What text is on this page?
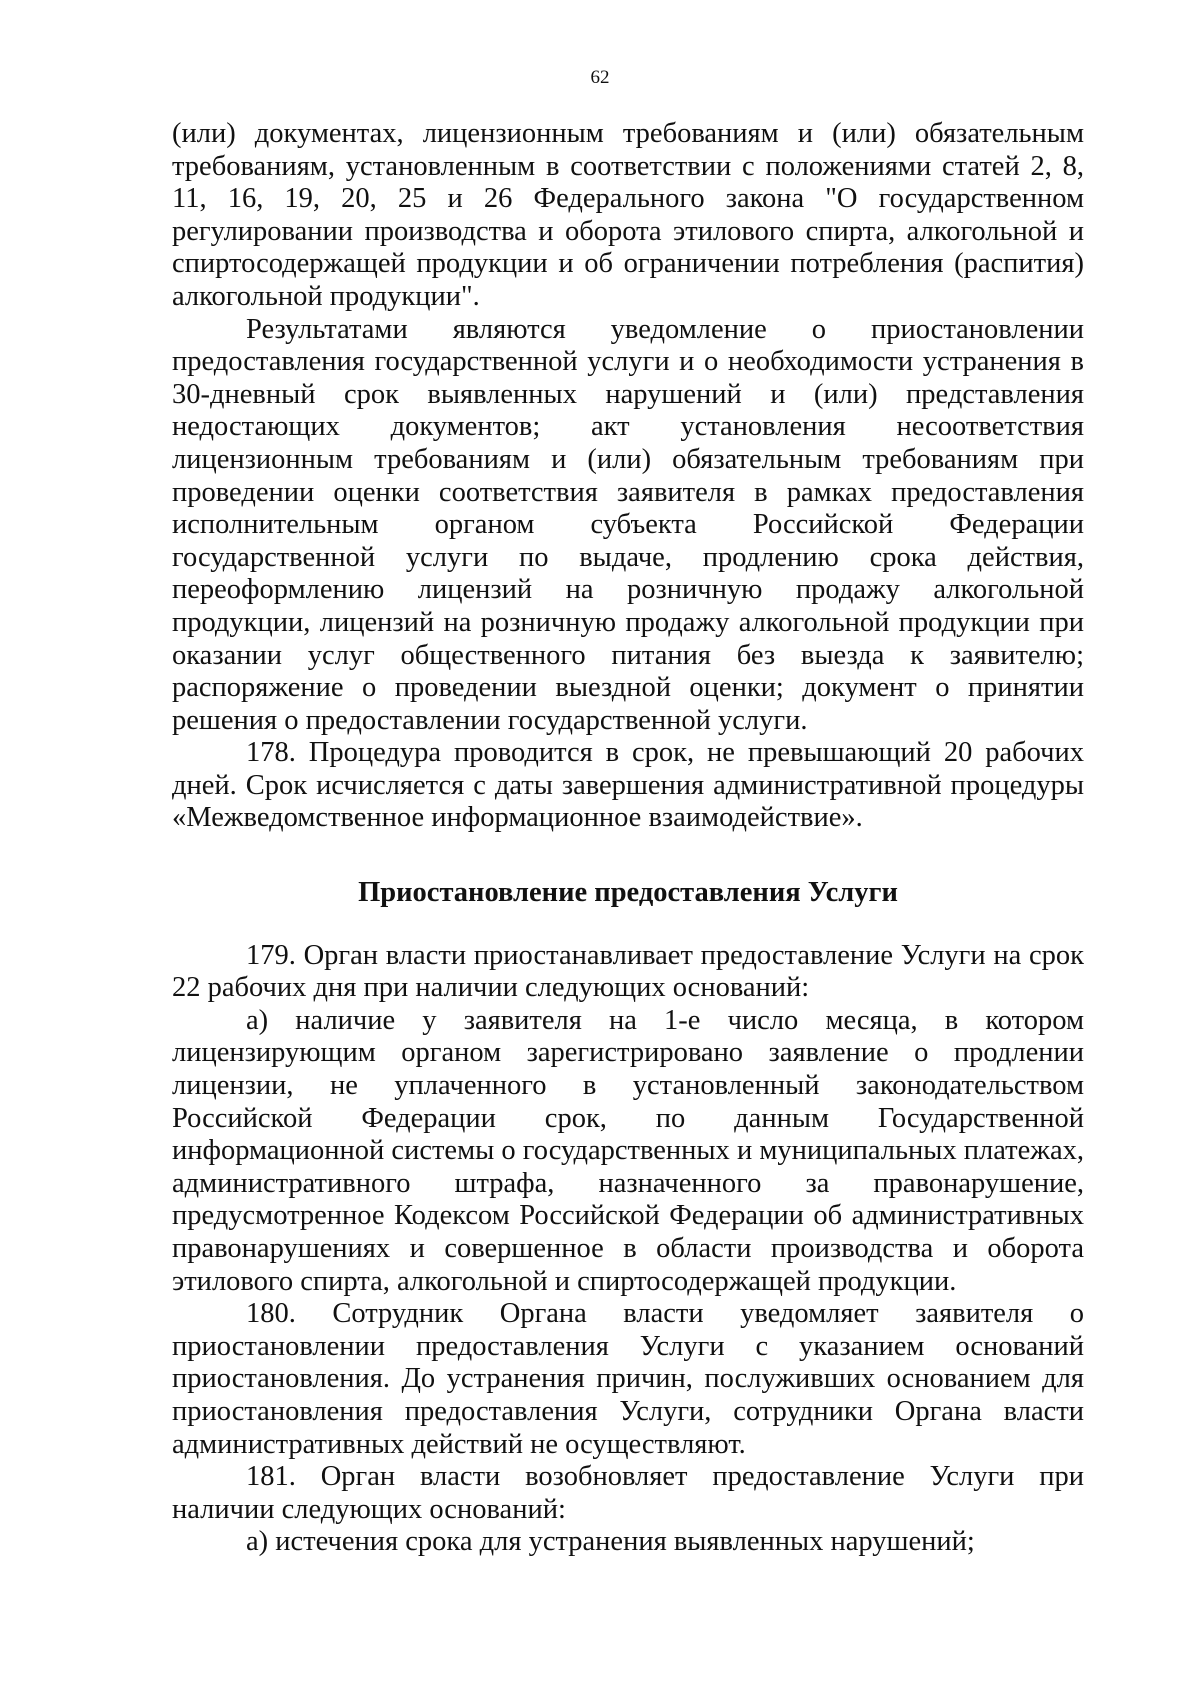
62

(или) документах, лицензионным требованиям и (или) обязательным требованиям, установленным в соответствии с положениями статей 2, 8, 11, 16, 19, 20, 25 и 26 Федерального закона "О государственном регулировании производства и оборота этилового спирта, алкогольной и спиртосодержащей продукции и об ограничении потребления (распития) алкогольной продукции".

Результатами являются уведомление о приостановлении предоставления государственной услуги и о необходимости устранения в 30-дневный срок выявленных нарушений и (или) представления недостающих документов; акт установления несоответствия лицензионным требованиям и (или) обязательным требованиям при проведении оценки соответствия заявителя в рамках предоставления исполнительным органом субъекта Российской Федерации государственной услуги по выдаче, продлению срока действия, переоформлению лицензий на розничную продажу алкогольной продукции, лицензий на розничную продажу алкогольной продукции при оказании услуг общественного питания без выезда к заявителю; распоряжение о проведении выездной оценки; документ о принятии решения о предоставлении государственной услуги.

178. Процедура проводится в срок, не превышающий 20 рабочих дней. Срок исчисляется с даты завершения административной процедуры «Межведомственное информационное взаимодействие».

Приостановление предоставления Услуги

179. Орган власти приостанавливает предоставление Услуги на срок 22 рабочих дня при наличии следующих оснований:

а) наличие у заявителя на 1-е число месяца, в котором лицензирующим органом зарегистрировано заявление о продлении лицензии, не уплаченного в установленный законодательством Российской Федерации срок, по данным Государственной информационной системы о государственных и муниципальных платежах, административного штрафа, назначенного за правонарушение, предусмотренное Кодексом Российской Федерации об административных правонарушениях и совершенное в области производства и оборота этилового спирта, алкогольной и спиртосодержащей продукции.

180. Сотрудник Органа власти уведомляет заявителя о приостановлении предоставления Услуги с указанием оснований приостановления. До устранения причин, послуживших основанием для приостановления предоставления Услуги, сотрудники Органа власти административных действий не осуществляют.

181. Орган власти возобновляет предоставление Услуги при наличии следующих оснований:

а) истечения срока для устранения выявленных нарушений;
